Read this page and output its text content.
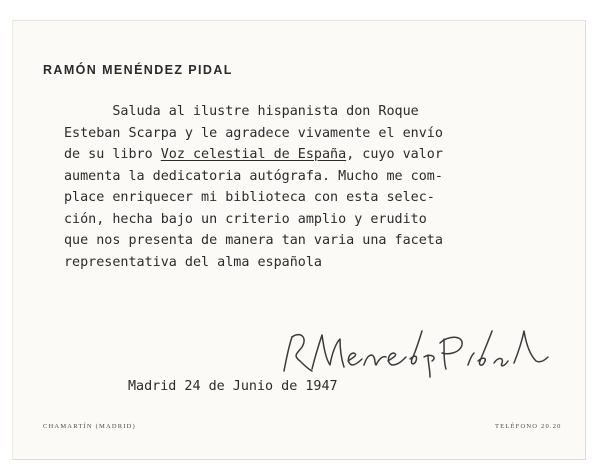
RAMÓN MENÉNDEZ PIDAL
Saluda al ilustre hispanista don Roque
Esteban Scarpa y le agradece vivamente el envío
de su libro Voz celestial de España, cuyo valor
aumenta la dedicatoria autógrafa. Mucho me com-
place enriquecer mi biblioteca con esta selec-
ción, hecha bajo un criterio amplio y erudito
que nos presenta de manera tan varia una faceta
representativa del alma española
Madrid 24 de Junio de 1947
CHAMARTÍN (MADRID)	TELÉFONO 20.20
